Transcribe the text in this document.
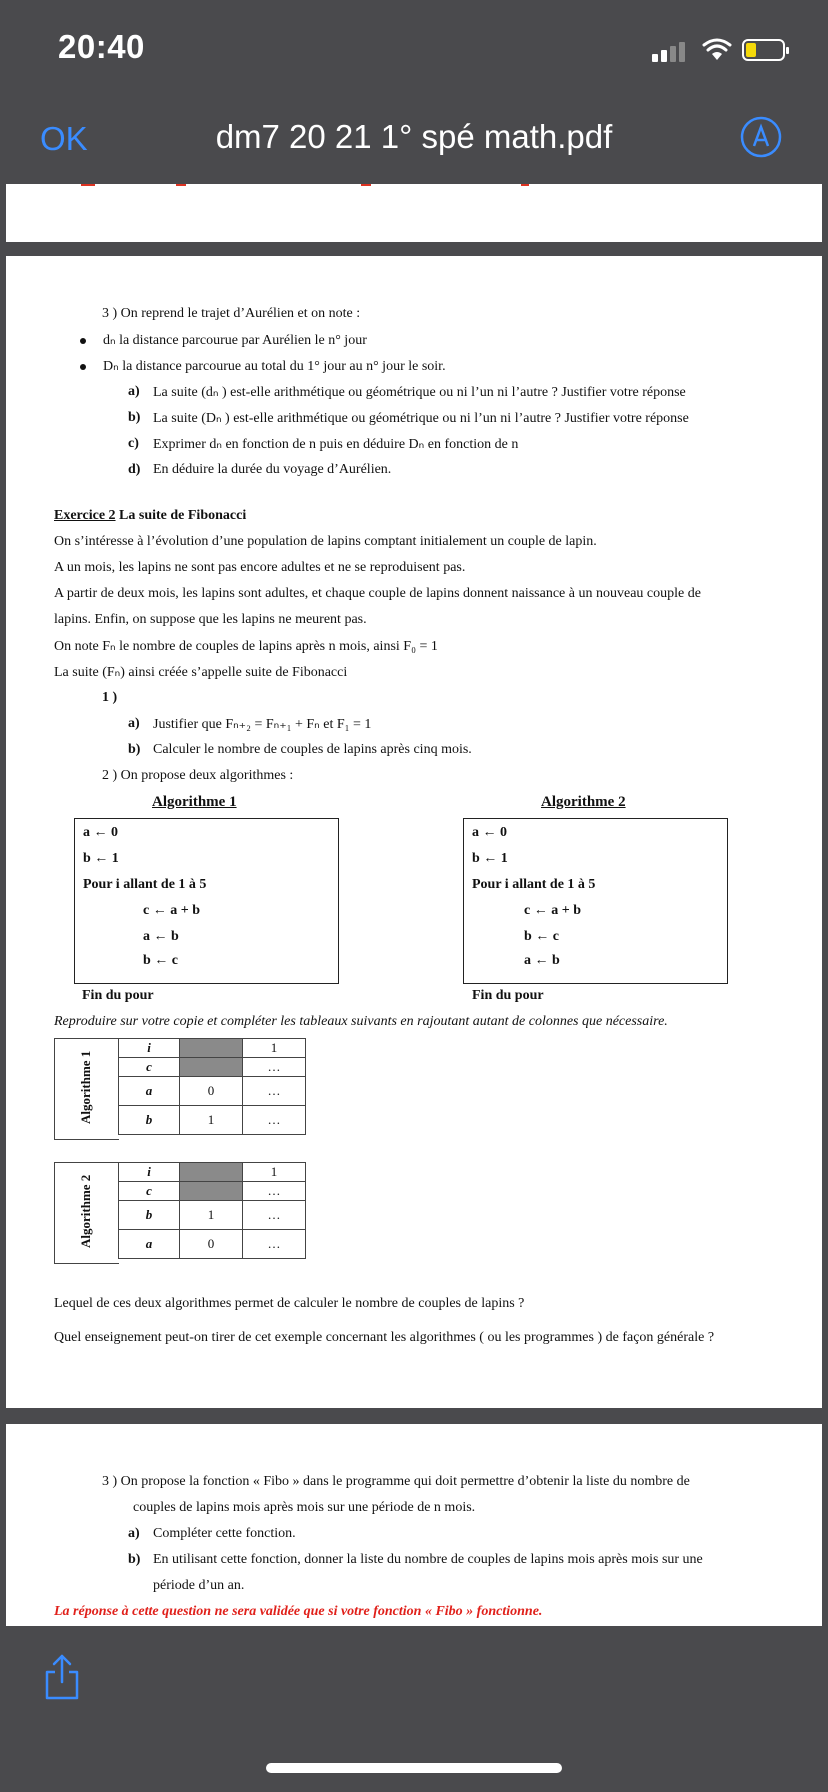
20:40
OK	dm7 20 21 1° spé math.pdf
3 ) On reprend le trajet d’Aurélien et on note :
dₙ la distance parcourue par Aurélien le n° jour
Dₙ la distance parcourue au total du 1° jour au n° jour le soir.
a) La suite (dₙ ) est-elle arithmétique ou géométrique ou ni l’un ni l’autre ? Justifier votre réponse
b) La suite (Dₙ ) est-elle arithmétique ou géométrique ou ni l’un ni l’autre ? Justifier votre réponse
c) Exprimer dₙ en fonction de n puis en déduire Dₙ en fonction de n
d) En déduire la durée du voyage d’Aurélien.
Exercice 2 La suite de Fibonacci
On s’intéresse à l’évolution d’une population de lapins comptant initialement un couple de lapin.
A un mois, les lapins ne sont pas encore adultes et ne se reproduisent pas.
A partir de deux mois, les lapins sont adultes, et chaque couple de lapins donnent naissance à un nouveau couple de
lapins. Enfin, on suppose que les lapins ne meurent pas.
On note Fₙ le nombre de couples de lapins après n mois, ainsi F₀ = 1
La suite (Fₙ) ainsi créée s’appelle suite de Fibonacci
1 )
a) Justifier que Fₙ₊₂ = Fₙ₊₁ + Fₙ et F₁ = 1
b) Calculer le nombre de couples de lapins après cinq mois.
2 ) On propose deux algorithmes :
Algorithme 1
a ← 0
b ← 1
Pour i allant de 1 à 5
c ← a + b
a ← b
b ← c
Fin du pour
Algorithme 2
a ← 0
b ← 1
Pour i allant de 1 à 5
c ← a + b
b ← c
a ← b
Fin du pour
Reproduire sur votre copie et compléter les tableaux suivants en rajoutant autant de colonnes que nécessaire.
Algorithme 1
i		1
c		…
a	0	…
b	1	…
Algorithme 2
i		1
c		…
b	1	…
a	0	…
Lequel de ces deux algorithmes permet de calculer le nombre de couples de lapins ?
Quel enseignement peut-on tirer de cet exemple concernant les algorithmes ( ou les programmes ) de façon générale ?
3 ) On propose la fonction « Fibo » dans le programme qui doit permettre d’obtenir la liste du nombre de
couples de lapins mois après mois sur une période de n mois.
a) Compléter cette fonction.
b) En utilisant cette fonction, donner la liste du nombre de couples de lapins mois après mois sur une
période d’un an.
La réponse à cette question ne sera validée que si votre fonction « Fibo » fonctionne.
